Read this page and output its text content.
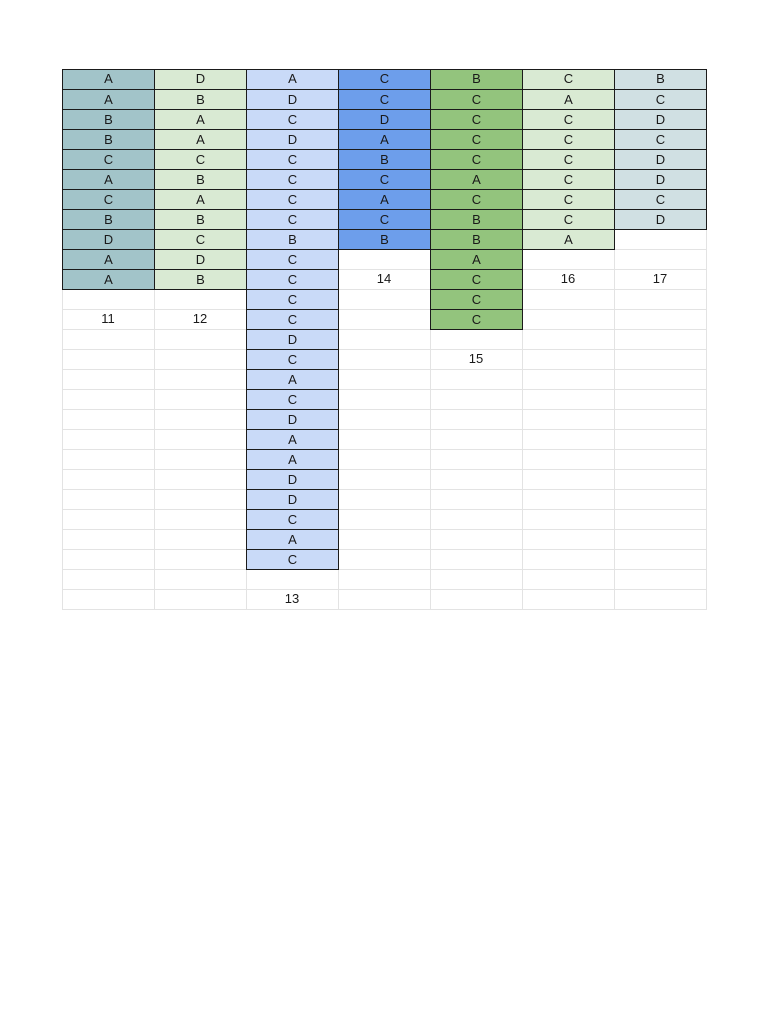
A
A
B
B
C
A
C
B
D
A
A
11
D
B
A
A
C
B
A
B
C
D
B
12
A
D
C
D
C
C
C
C
B
C
C
C
C
D
C
A
C
D
A
A
D
D
C
A
C
13
C
C
D
A
B
C
A
C
B
14
B
C
C
C
C
A
C
B
B
A
C
C
C
15
C
A
C
C
C
C
C
C
A
16
B
C
D
C
D
D
C
D
17
